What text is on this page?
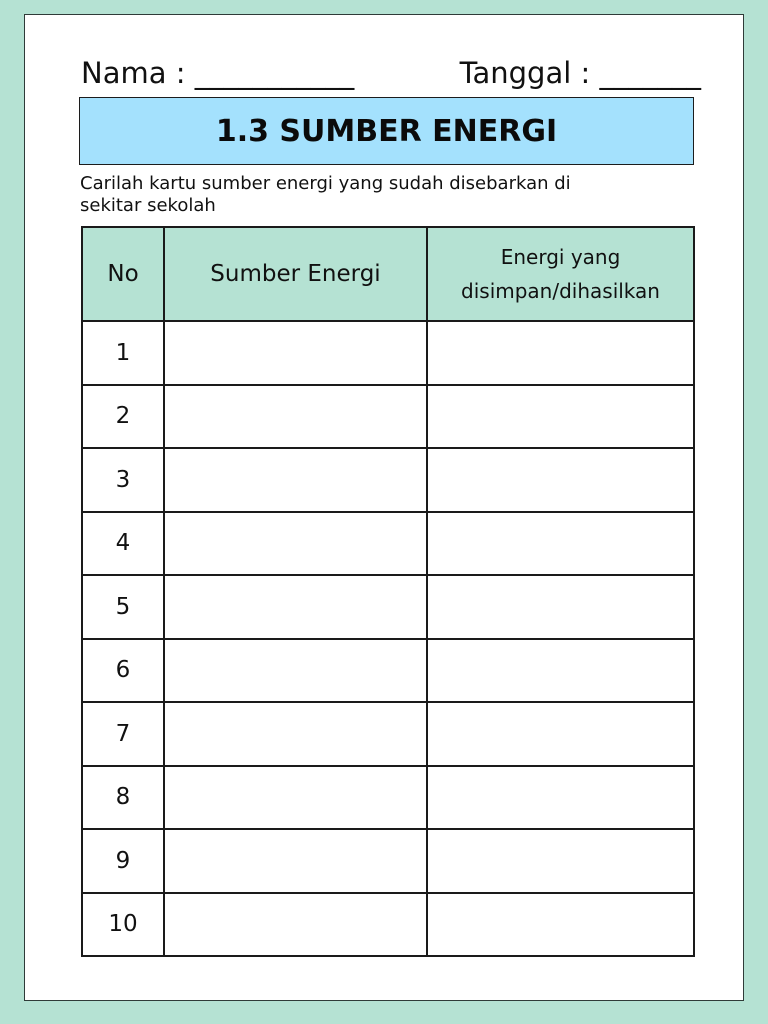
Nama : ___________	Tanggal : _______
1.3 SUMBER ENERGI
Carilah kartu sumber energi yang sudah disebarkan di
sekitar sekolah
No	Sumber Energi	Energi yang
disimpan/dihasilkan

1		
2		
3		
4		
5		
6		
7		
8		
9		
10		
